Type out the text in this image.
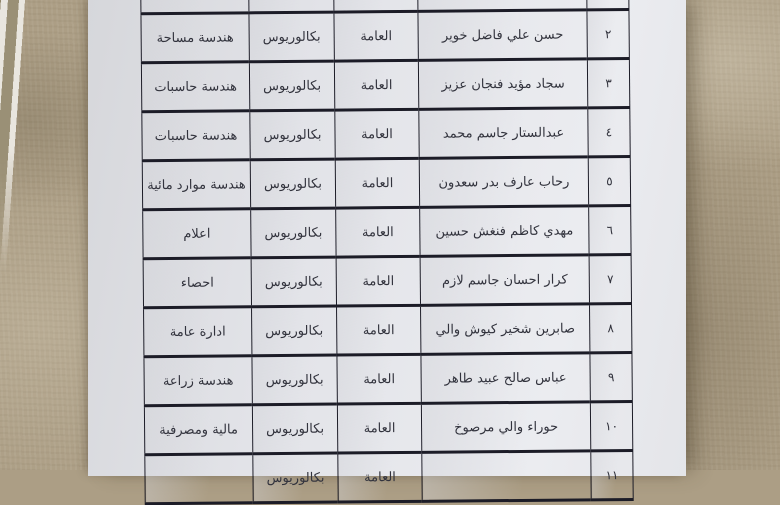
٢	حسن علي فاضل خوير	العامة	بكالوريوس	هندسة مساحة
٣	سجاد مؤيد فنجان عزيز	العامة	بكالوريوس	هندسة حاسبات
٤	عبدالستار جاسم محمد	العامة	بكالوريوس	هندسة حاسبات
٥	رحاب عارف بدر سعدون	العامة	بكالوريوس	هندسة موارد مائية
٦	مهدي كاظم فنغش حسين	العامة	بكالوريوس	اعلام
٧	كرار احسان جاسم لازم	العامة	بكالوريوس	احصاء
٨	صابرين شخير كيوش والي	العامة	بكالوريوس	ادارة عامة
٩	عباس صالح عبيد طاهر	العامة	بكالوريوس	هندسة زراعة
١٠	حوراء والي مرصوخ	العامة	بكالوريوس	مالية ومصرفية
١١		العامة	بكالوريوس	
